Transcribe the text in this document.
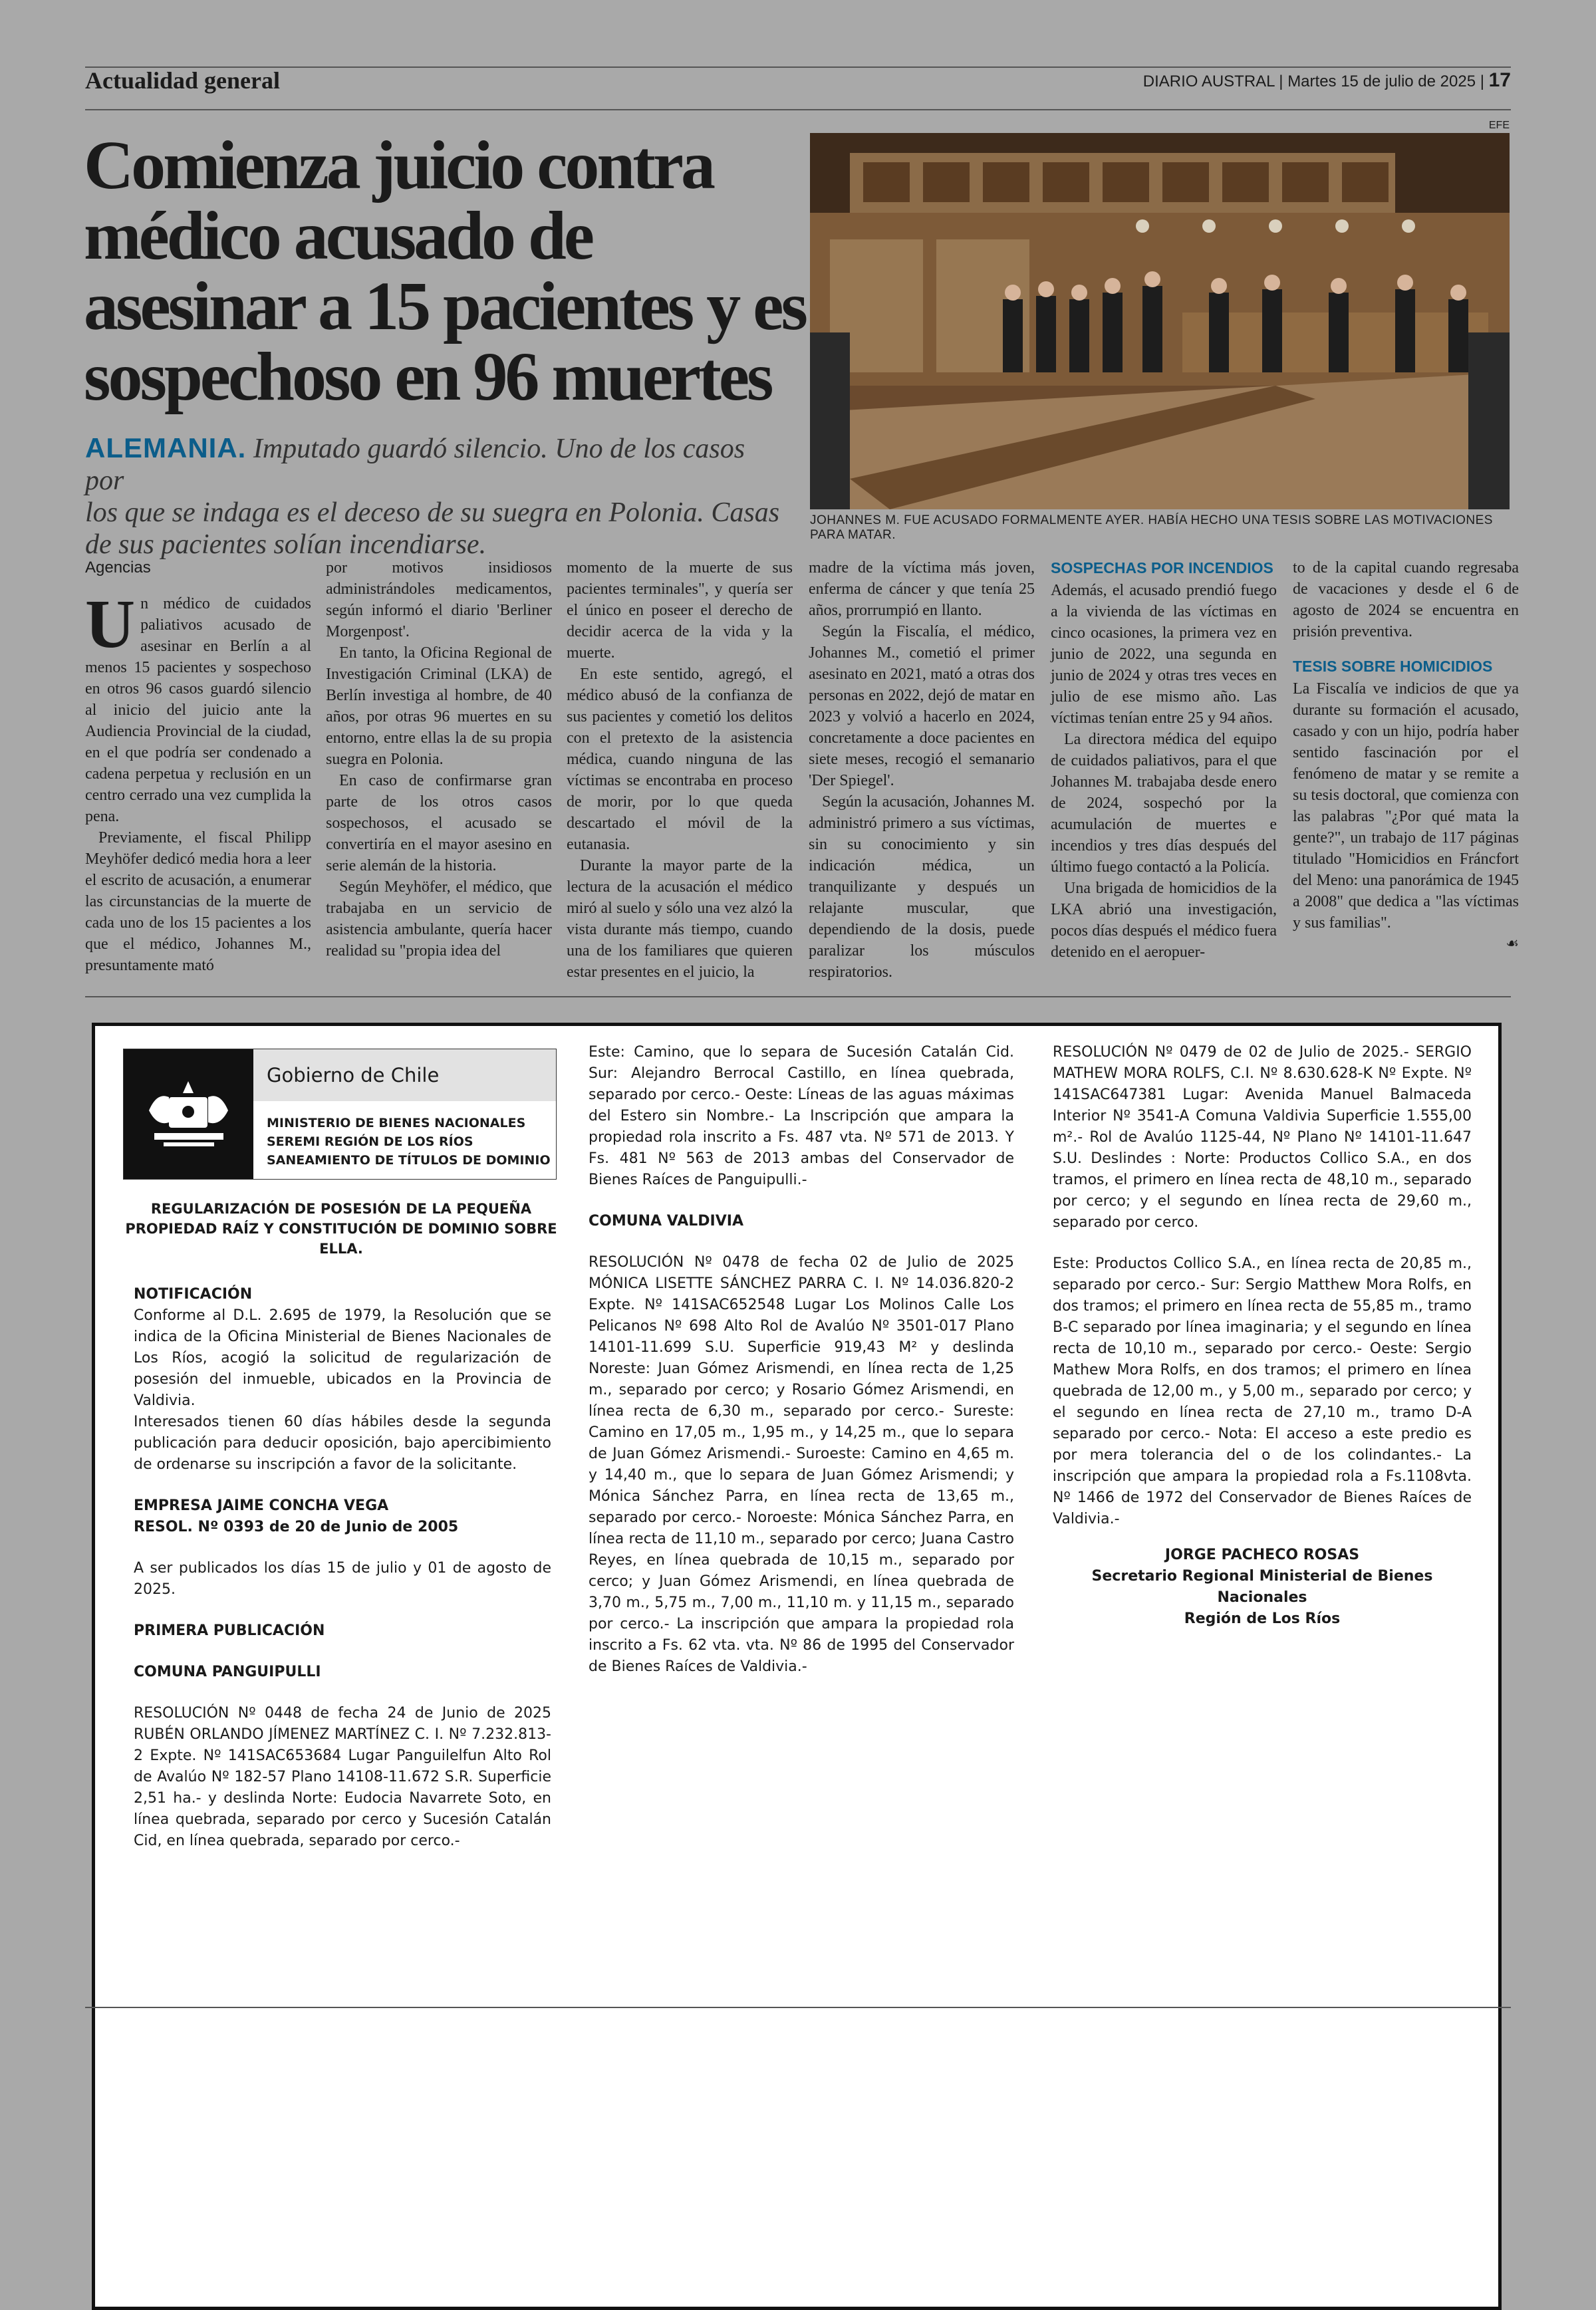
Actualidad general	DIARIO AUSTRAL | Martes 15 de julio de 2025 | 17
Comienza juicio contra
médico acusado de
asesinar a 15 pacientes y es
sospechoso en 96 muertes
ALEMANIA. Imputado guardó silencio. Uno de los casos por
los que se indaga es el deceso de su suegra en Polonia. Casas
de sus pacientes solían incendiarse.
EFE
JOHANNES M. FUE ACUSADO FORMALMENTE AYER. HABÍA HECHO UNA TESIS SOBRE LAS MOTIVACIONES PARA MATAR.
Agencias

Un médico de cuidados paliativos acusado de asesinar en Berlín a al menos 15 pacientes y sospechoso en otros 96 casos guardó silencio al inicio del juicio ante la Audiencia Provincial de la ciudad, en el que podría ser condenado a cadena perpetua y reclusión en un centro cerrado una vez cumplida la pena.

Previamente, el fiscal Philipp Meyhöfer dedicó media hora a leer el escrito de acusación, a enumerar las circunstancias de la muerte de cada uno de los 15 pacientes a los que el médico, Johannes M., presuntamente mató

por motivos insidiosos administrándoles medicamentos, según informó el diario 'Berliner Morgenpost'.

En tanto, la Oficina Regional de Investigación Criminal (LKA) de Berlín investiga al hombre, de 40 años, por otras 96 muertes en su entorno, entre ellas la de su propia suegra en Polonia.

En caso de confirmarse gran parte de los otros casos sospechosos, el acusado se convertiría en el mayor asesino en serie alemán de la historia.

Según Meyhöfer, el médico, que trabajaba en un servicio de asistencia ambulante, quería hacer realidad su "propia idea del

momento de la muerte de sus pacientes terminales", y quería ser el único en poseer el derecho de decidir acerca de la vida y la muerte.

En este sentido, agregó, el médico abusó de la confianza de sus pacientes y cometió los delitos con el pretexto de la asistencia médica, cuando ninguna de las víctimas se encontraba en proceso de morir, por lo que queda descartado el móvil de la eutanasia.

Durante la mayor parte de la lectura de la acusación el médico miró al suelo y sólo una vez alzó la vista durante más tiempo, cuando una de los familiares que quieren estar presentes en el juicio, la

madre de la víctima más joven, enferma de cáncer y que tenía 25 años, prorrumpió en llanto.

Según la Fiscalía, el médico, Johannes M., cometió el primer asesinato en 2021, mató a otras dos personas en 2022, dejó de matar en 2023 y volvió a hacerlo en 2024, concretamente a doce pacientes en siete meses, recogió el semanario 'Der Spiegel'.

Según la acusación, Johannes M. administró primero a sus víctimas, sin su conocimiento y sin indicación médica, un tranquilizante y después un relajante muscular, que dependiendo de la dosis, puede paralizar los músculos respiratorios.

SOSPECHAS POR INCENDIOS

Además, el acusado prendió fuego a la vivienda de las víctimas en cinco ocasiones, la primera vez en junio de 2022, una segunda en junio de 2024 y otras tres veces en julio de ese mismo año. Las víctimas tenían entre 25 y 94 años.

La directora médica del equipo de cuidados paliativos, para el que Johannes M. trabajaba desde enero de 2024, sospechó por la acumulación de muertes e incendios y tres días después del último fuego contactó a la Policía.

Una brigada de homicidios de la LKA abrió una investigación, pocos días después el médico fuera detenido en el aeropuer-

to de la capital cuando regresaba de vacaciones y desde el 6 de agosto de 2024 se encuentra en prisión preventiva.

TESIS SOBRE HOMICIDIOS

La Fiscalía ve indicios de que ya durante su formación el acusado, casado y con un hijo, podría haber sentido fascinación por el fenómeno de matar y se remite a su tesis doctoral, que comienza con las palabras "¿Por qué mata la gente?", un trabajo de 117 páginas titulado "Homicidios en Fráncfort del Meno: una panorámica de 1945 a 2008" que dedica a "las víctimas y sus familias".

☙
Gobierno de Chile
MINISTERIO DE BIENES NACIONALES
SEREMI REGIÓN DE LOS RÍOS
SANEAMIENTO DE TÍTULOS DE DOMINIO

REGULARIZACIÓN DE POSESIÓN DE LA PEQUEÑA PROPIEDAD RAÍZ Y CONSTITUCIÓN DE DOMINIO SOBRE ELLA.

NOTIFICACIÓN

Conforme al D.L. 2.695 de 1979, la Resolución que se indica de la Oficina Ministerial de Bienes Nacionales de Los Ríos, acogió la solicitud de regularización de posesión del inmueble, ubicados en la Provincia de Valdivia.

Interesados tienen 60 días hábiles desde la segunda publicación para deducir oposición, bajo apercibimiento de ordenarse su inscripción a favor de la solicitante.

EMPRESA JAIME CONCHA VEGA

RESOL. Nº 0393 de 20 de Junio de 2005

A ser publicados los días 15 de julio y 01 de agosto de 2025.

PRIMERA PUBLICACIÓN

COMUNA PANGUIPULLI

RESOLUCIÓN Nº 0448 de fecha 24 de Junio de 2025 RUBÉN ORLANDO JÍMENEZ MARTÍNEZ C. I. Nº 7.232.813-2 Expte. Nº 141SAC653684 Lugar Panguilelfun Alto Rol de Avalúo Nº 182-57 Plano 14108-11.672 S.R. Superficie 2,51 ha.- y deslinda Norte: Eudocia Navarrete Soto, en línea quebrada, separado por cerco y Sucesión Catalán Cid, en línea quebrada, separado por cerco.-

Este: Camino, que lo separa de Sucesión Catalán Cid. Sur: Alejandro Berrocal Castillo, en línea quebrada, separado por cerco.- Oeste: Líneas de las aguas máximas del Estero sin Nombre.- La Inscripción que ampara la propiedad rola inscrito a Fs. 487 vta. Nº 571 de 2013. Y Fs. 481 Nº 563 de 2013 ambas del Conservador de Bienes Raíces de Panguipulli.-

COMUNA VALDIVIA

RESOLUCIÓN Nº 0478 de fecha 02 de Julio de 2025 MÓNICA LISETTE SÁNCHEZ PARRA C. I. Nº 14.036.820-2 Expte. Nº 141SAC652548 Lugar Los Molinos Calle Los Pelicanos Nº 698 Alto Rol de Avalúo Nº 3501-017 Plano 14101-11.699 S.U. Superficie 919,43 M² y deslinda Noreste: Juan Gómez Arismendi, en línea recta de 1,25 m., separado por cerco; y Rosario Gómez Arismendi, en línea recta de 6,30 m., separado por cerco.- Sureste: Camino en 17,05 m., 1,95 m., y 14,25 m., que lo separa de Juan Gómez Arismendi.- Suroeste: Camino en 4,65 m. y 14,40 m., que lo separa de Juan Gómez Arismendi; y Mónica Sánchez Parra, en línea recta de 13,65 m., separado por cerco.- Noroeste: Mónica Sánchez Parra, en línea recta de 11,10 m., separado por cerco; Juana Castro Reyes, en línea quebrada de 10,15 m., separado por cerco; y Juan Gómez Arismendi, en línea quebrada de 3,70 m., 5,75 m., 7,00 m., 11,10 m. y 11,15 m., separado por cerco.- La inscripción que ampara la propiedad rola inscrito a Fs. 62 vta. vta. Nº 86 de 1995 del Conservador de Bienes Raíces de Valdivia.-

RESOLUCIÓN Nº 0479 de 02 de Julio de 2025.- SERGIO MATHEW MORA ROLFS, C.I. Nº 8.630.628-K Nº Expte. Nº 141SAC647381 Lugar: Avenida Manuel Balmaceda Interior Nº 3541-A Comuna Valdivia Superficie 1.555,00 m².- Rol de Avalúo 1125-44, Nº Plano Nº 14101-11.647 S.U. Deslindes : Norte: Productos Collico S.A., en dos tramos, el primero en línea recta de 48,10 m., separado por cerco; y el segundo en línea recta de 29,60 m., separado por cerco.

Este: Productos Collico S.A., en línea recta de 20,85 m., separado por cerco.- Sur: Sergio Matthew Mora Rolfs, en dos tramos; el primero en línea recta de 55,85 m., tramo B-C separado por línea imaginaria; y el segundo en línea recta de 10,10 m., separado por cerco.- Oeste: Sergio Mathew Mora Rolfs, en dos tramos; el primero en línea quebrada de 12,00 m., y 5,00 m., separado por cerco; y el segundo en línea recta de 27,10 m., tramo D-A separado por cerco.- Nota: El acceso a este predio es por mera tolerancia del o de los colindantes.- La inscripción que ampara la propiedad rola a Fs.1108vta. Nº 1466 de 1972 del Conservador de Bienes Raíces de Valdivia.-

JORGE PACHECO ROSAS

Secretario Regional Ministerial de Bienes Nacionales

Región de Los Ríos
